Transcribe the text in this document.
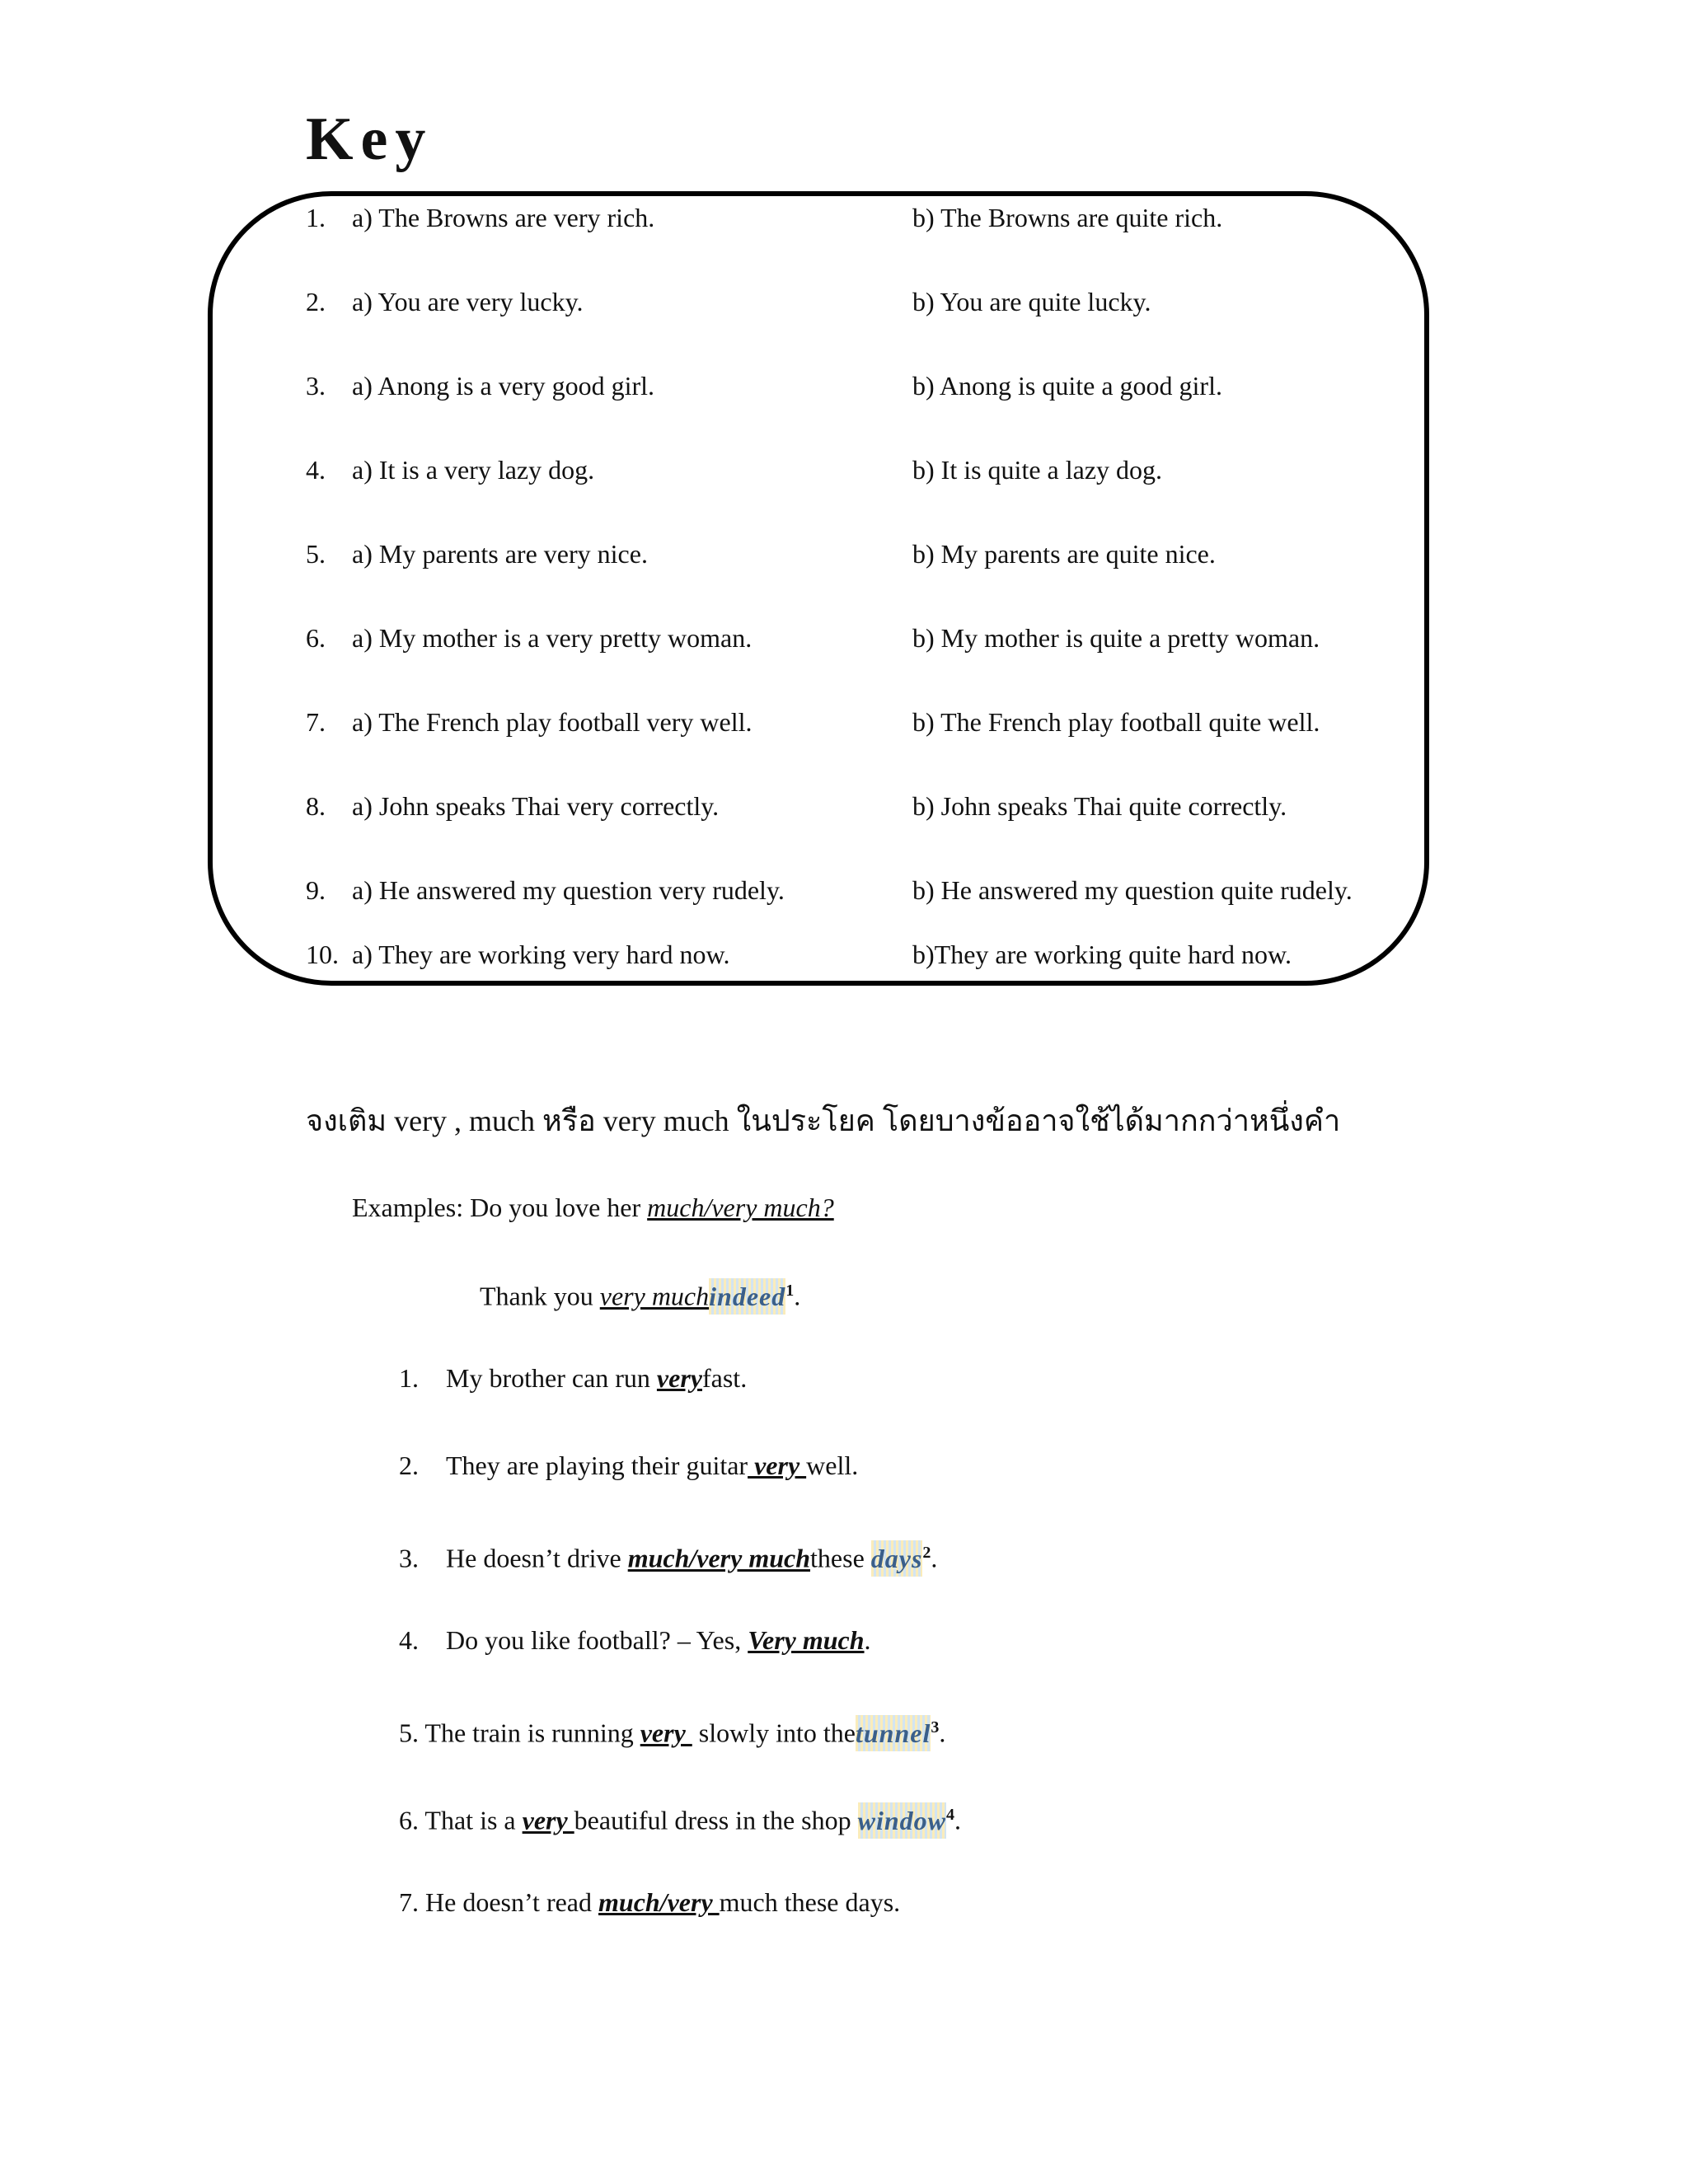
Key
1. a) The Browns are very rich.	b) The Browns are quite rich.
2. a) You are very lucky.	b) You are quite lucky.
3. a) Anong is a very good girl.	b) Anong is quite a good girl.
4. a) It is a very lazy dog.	b) It is quite a lazy dog.
5. a) My parents are very nice.	b) My parents are quite nice.
6. a) My mother is a very pretty woman.	b) My mother is quite a pretty woman.
7. a) The French play football very well.	b) The French play football quite well.
8. a) John speaks Thai very correctly.	b) John speaks Thai quite correctly.
9. a) He answered my question very rudely.	b) He answered my question quite rudely.
10. a) They are working very hard now.	b)They are working quite hard now.
จงเติม very , much หรือ very much ในประโยค โดยบางข้ออาจใช้ได้มากกว่าหนึ่งคำ
Examples: Do you love her much/very much?
Thank you very muchindeed$^1$.
1. My brother can run veryfast.
2. They are playing their guitar very well.
3. He doesn’t drive much/very muchthese days$^2$.
4. Do you like football? – Yes, Very much.
5. The train is running very  slowly into thetunnel$^3$.
6. That is a very beautiful dress in the shop window$^4$.
7. He doesn’t read much/very much these days.
